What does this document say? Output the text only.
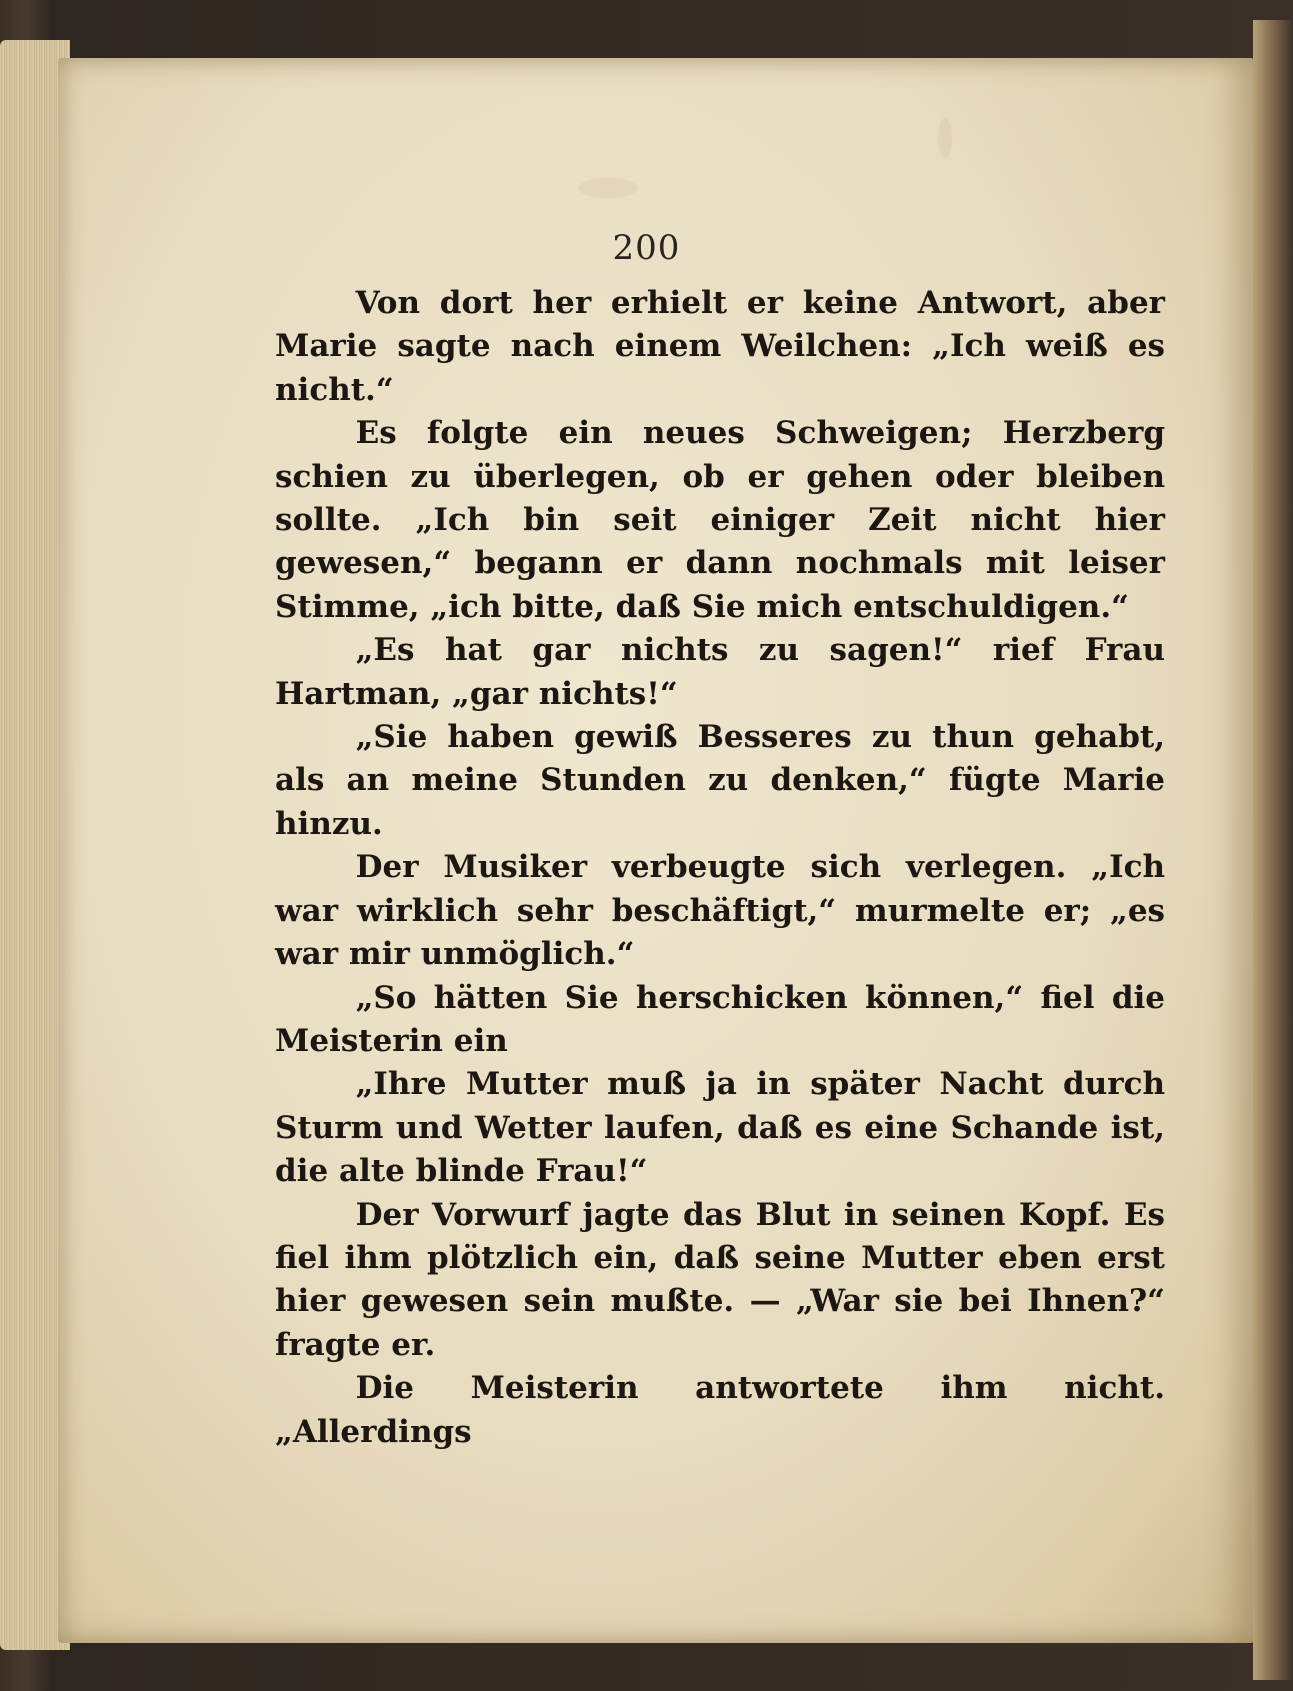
200

Von dort her erhielt er keine Antwort, aber Marie sagte nach einem Weilchen: „Ich weiß es nicht.“

Es folgte ein neues Schweigen; Herzberg schien zu überlegen, ob er gehen oder bleiben sollte. „Ich bin seit einiger Zeit nicht hier gewesen,“ begann er dann nochmals mit leiser Stimme, „ich bitte, daß Sie mich entschuldigen.“

„Es hat gar nichts zu sagen!“ rief Frau Hartman, „gar nichts!“

„Sie haben gewiß Besseres zu thun gehabt, als an meine Stunden zu denken,“ fügte Marie hinzu.

Der Musiker verbeugte sich verlegen. „Ich war wirklich sehr beschäftigt,“ murmelte er; „es war mir unmöglich.“

„So hätten Sie herschicken können,“ fiel die Meisterin ein

„Ihre Mutter muß ja in später Nacht durch Sturm und Wetter laufen, daß es eine Schande ist, die alte blinde Frau!“

Der Vorwurf jagte das Blut in seinen Kopf. Es fiel ihm plötzlich ein, daß seine Mutter eben erst hier gewesen sein mußte. — „War sie bei Ihnen?“ fragte er.

Die Meisterin antwortete ihm nicht. „Allerdings
